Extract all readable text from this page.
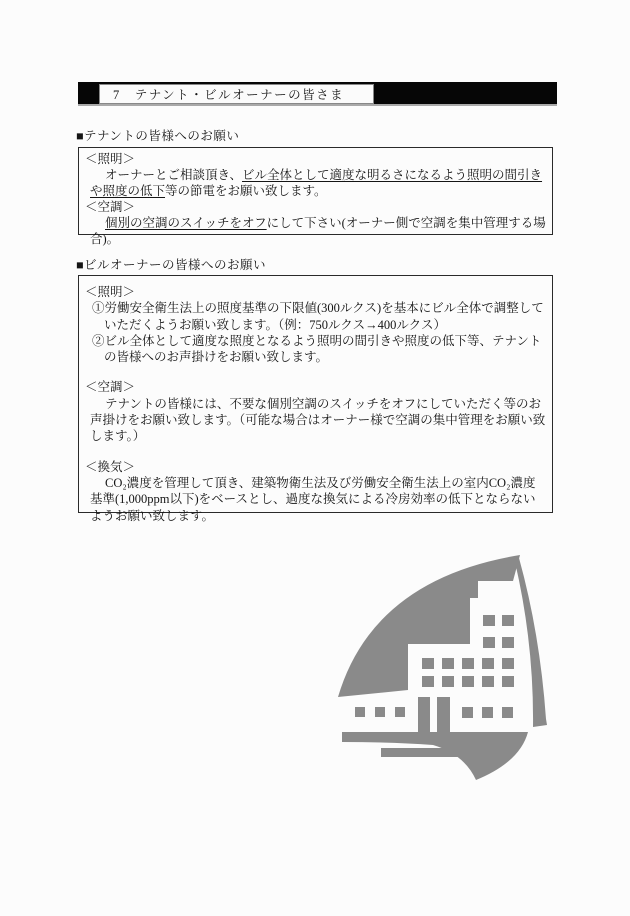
7　テナント・ビルオーナーの皆さま
■テナントの皆様へのお願い
＜照明＞

オーナーとご相談頂き、ビル全体として適度な明るさになるよう照明の間引きや照度の低下等の節電をお願い致します。

＜空調＞

個別の空調のスイッチをオフにして下さい(オーナー側で空調を集中管理する場合)。

■ビルオーナーの皆様へのお願い
＜照明＞

①労働安全衛生法上の照度基準の下限値(300ルクス)を基本にビル全体で調整していただくようお願い致します。（例：750ルクス→400ルクス）

②ビル全体として適度な照度となるよう照明の間引きや照度の低下等、テナントの皆様へのお声掛けをお願い致します。

＜空調＞

テナントの皆様には、不要な個別空調のスイッチをオフにしていただく等のお声掛けをお願い致します。（可能な場合はオーナー様で空調の集中管理をお願い致します。）

＜換気＞

CO₂濃度を管理して頂き、建築物衛生法及び労働安全衛生法上の室内CO₂濃度基準(1,000ppm以下)をベースとし、過度な換気による冷房効率の低下とならないようお願い致します。
